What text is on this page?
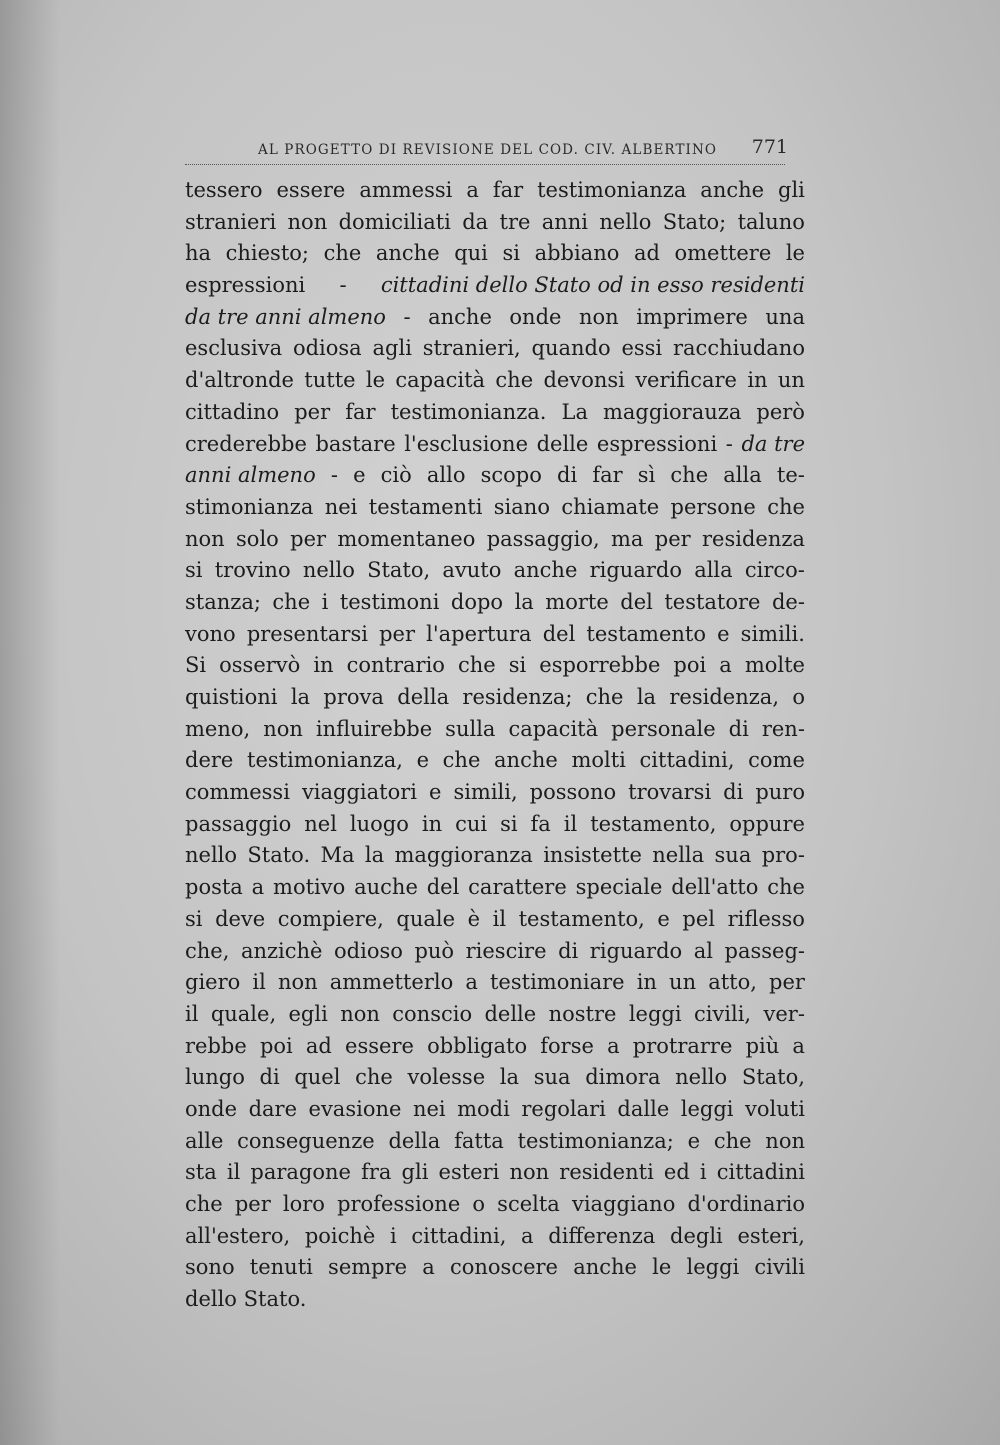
AL PROGETTO DI REVISIONE DEL COD. CIV. ALBERTINO 771
tessero essere ammessi a far testimonianza anche gli
stranieri non domiciliati da tre anni nello Stato; taluno
ha chiesto; che anche qui si abbiano ad omettere le
espressioni - cittadini dello Stato od in esso residenti
da tre anni almeno - anche onde non imprimere una
esclusiva odiosa agli stranieri, quando essi racchiudano
d'altronde tutte le capacità che devonsi verificare in un
cittadino per far testimonianza. La maggiorauza però
crederebbe bastare l'esclusione delle espressioni - da tre
anni almeno - e ciò allo scopo di far sì che alla te-
stimonianza nei testamenti siano chiamate persone che
non solo per momentaneo passaggio, ma per residenza
si trovino nello Stato, avuto anche riguardo alla circo-
stanza; che i testimoni dopo la morte del testatore de-
vono presentarsi per l'apertura del testamento e simili.
Si osservò in contrario che si esporrebbe poi a molte
quistioni la prova della residenza; che la residenza, o
meno, non influirebbe sulla capacità personale di ren-
dere testimonianza, e che anche molti cittadini, come
commessi viaggiatori e simili, possono trovarsi di puro
passaggio nel luogo in cui si fa il testamento, oppure
nello Stato. Ma la maggioranza insistette nella sua pro-
posta a motivo auche del carattere speciale dell'atto che
si deve compiere, quale è il testamento, e pel riflesso
che, anzichè odioso può riescire di riguardo al passeg-
giero il non ammetterlo a testimoniare in un atto, per
il quale, egli non conscio delle nostre leggi civili, ver-
rebbe poi ad essere obbligato forse a protrarre più a
lungo di quel che volesse la sua dimora nello Stato,
onde dare evasione nei modi regolari dalle leggi voluti
alle conseguenze della fatta testimonianza; e che non
sta il paragone fra gli esteri non residenti ed i cittadini
che per loro professione o scelta viaggiano d'ordinario
all'estero, poichè i cittadini, a differenza degli esteri,
sono tenuti sempre a conoscere anche le leggi civili
dello Stato.
